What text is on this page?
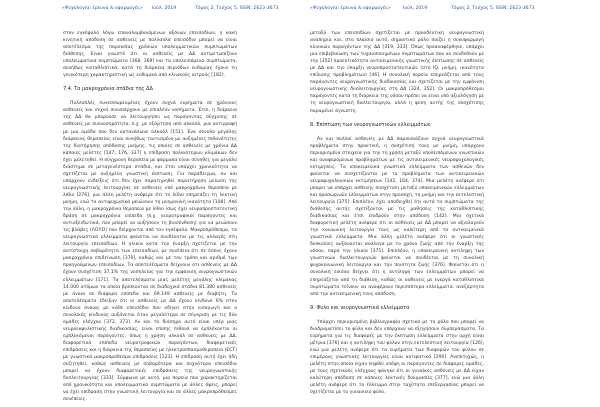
«Ψυχολογία: έρευνα & εφαρμογές» Ιούλ, 2019	Τόμος 2, Τεύχος 5, ISSN: 2623-3673

στον εγκέφαλο λόγω επαναλαμβανόμενων αξόνων επεισοδίων, η κακή κινητική απόδοση σε ασθενείς με πολλαπλά επεισόδια μπορεί να είναι αποτέλεσμα της παρουσίας χρόνιων υπολειμματικών συμπτωμάτων διάθεσης. Είναι γνωστό ότι οι ασθενείς με ΔΔ αντιμετωπίζουν υπολειμματικά συμπτώματα [368, 369] και τα υπολειπόμενα συμπτώματα, συνήθως καταθλιπτικά, κατά τη διάρκεια περιόδων ευθυμίας έχουν τη γενικότερη χαρακτηριστική ως ευθυμικά από κλινικούς ιατρούς [182].

7.4. Τα μακροχρόνια στάδια της ΔΔ

Πολλαπλές συνεσσωρευμένες έχουν συχνά ευρήματα σε χρόνιους ασθενείς και συχνά συνυπάρχουν με επιπλέον νοσήματα. Έτσι, η διάρκεια της ΔΔ θα μπορούσε να λειτουργήσει ως παράγοντας σύγχυσης σε ασθενείς με συννοσηρότητα, π.χ. με εξάρτηση από αλκοόλ, μια αντιγραφή με μια ομάδα που δεν κατανάλωνε αλκοόλ [151]. Ένα σύνολο μεγάλης διάρκειας θεραπείας είναι συνήθως ταυτισμένο με αυξημένες πιθανότητες της διατήρησης απόδοσης μνήμης, τις οποίες σε ασθενείς με χρόνια ΔΔ κάποιες μελέτες [147, 176, 337] η επίδραση παλαιότερων κλιμάκων δεν έχει μελετηθεί. Η σύγχρονη θεραπεία με φάρμακα είναι σύνηθες για μεγάλο διάστημα σε μεταγενέστερα στάδια, και έτσι υπάρχει χρονικότητα να σχετίζεται με αυξημένη γνωστική έκπτωση. Για παράδειγμα, αν και υπάρχουν ενδείξεις ότι δεν έχει παρατηρηθεί παρατήρηση μείωση της νευρογνωστικής λειτουργίας σε ασθενείς υπό μακροχρόνια θεραπεία με λίθιο [276], μια άλλη μελέτη ανέφερε ότι το λίθιο επηρεάζει τη λεκτική μνήμη, ενώ τα αντιψυχωσικά μειώνουν τη μνημονική ικανότητα [108]. Από την άλλη, η μακροχρόνια θεραπεία με λίθιο ίσως έχει νευροπροστατευτική δράση σε μακροχρόνια επίπεδα (π.χ. νευροτροφικοί παράγοντες και αντιοξειδωτικά, που μπορεί να αυξήσουν τη βιοσύνθεση) για να μειώσουν τις βλάβες (ΛΟΥΣΙ) που διέρχονται από τον εγκέφαλο. Μακροπρόθεσμα, τα νευρογνωστικά ελλείμματα φαίνεται να συνδέονται με τις αλλαγές στη λειτουργία επεισοδίων. Η ηλικία κατά την έναρξη σχετίζεται με την αντίστοιχη σοβαρότητα των επεισοδίων, με συνέπεια ότι σε όσους έχουν μακροχρόνια επιδείνωση [370], καθώς και με τον τρόπο και αριθμό των προηγούμενων επεισοδίων. Τα αποτελέσματα δείχνουν ότι ασθενείς με ΔΔ έχουν συσχέτιση 37,1% της νοσηλείας για την εμφάνιση νευρογνωστικών ελλειμμάτων [171]. Τα αποτελέσματα μιας μελέτης μεγάλης κλίμακας 14.000 ατόμων τα οποία βρίσκονταν σε διαδοχικά στάδια 81.380 ασθενείς με άνοια σε διάφορα επίπεδα και 69.149 ασθενείς με διαβήτη. Τα αποτελέσματα έδειξαν ότι οι ασθενείς με ΔΔ έχουν κίνδυνο 6% στον κίνδυνο άνοιας με κάθε επεισόδιο που οδηγεί στην εισαγωγή και ο συνολικός κίνδυνος αυξάνεται όταν μεγαλύτερα σε σύγκριση με τις δύο ομάδες ελέγχου [372, 373]. Αν και το διάσημο αυτό είναι υπέρ μιας νευροεκφυλιστικής διαδικασίας, είναι επίσης πιθανό να εμπλέκονται οι εμπλεκόμενοι παράγοντες, όπως η χρήση αλκοόλ σε ασθενείς με ΔΔ, διαφορετικά επίπεδα νευροτροφικών παραγόντων, διαφορετικές επιδράσεις και η διάρκεια της θεραπείας με ηλεκτροσπασμοθεραπεία (ECT) με γνωστικά μακροπρόθεσμα επιδράσεις [123]. Η επίδραση αυτή έχει ήδη συζητηθεί, καθώς ασθενείς με σοβαρότερα και συχνότερα επεισόδια μπορεί να έχουν διαφορετικές επιδράσεις της νευρογνωστικής δυσλειτουργίας [333]. Σύμφωνα με αυτό, μια πορεία που χαρακτηρίζεται από χρονικότητα και υπολειμματικά συμπτώματα με άλλες όψεις, μπορεί να έχει επίδραση στην γνωστική λειτουργία και σε άλλες μακροπρόθεσμες συνέπειες.

«Ψυχολογία: έρευνα & εφαρμογές»	Ιούλ, 2019	Τόμος 2, Τεύχος 5, ISSN: 2623-3673

μεταξύ των επεισοδίων σχετίζεται με προοδευτική νευρογνωστική αναπηρία και, στο πλαίσιο αυτό, σημαντικό ρόλο παίζει η συνυφαρμογή κλινικών παραγόντων της ΔΔ [319, 333]. Όπως προαναφέρθηκε, υπάρχει μια επιβεβαίωση των τυχαιοποιημένων συμπτωμάτων που αν συνδεθούν με την [352] προεκτικότητα αντικειμενικής γνωστικής έκπτωσης σε ασθενείς με ΔΔ και την ύπαρξη νευροπροστατευτικών (στο IQ, μνήμη, ικανότητα επίλυσης προβλημάτων) [46]. Η συνολική πορεία επηρεάζεται από τους παράγοντες νευρογνωστικής διαδικασίας και σχετίζεται με την εμφάνιση νευρογνωστικής δυσλειτουργίας στη ΔΔ [324, 352]. Οι μακροπρόθεσμοι παράγοντες κατά τη διάρκεια της νόσου πρέπει να είναι υπό αξιολόγηση με τη νευρογνωστική δυσλειτουργία, αλλά η φύση αυτής της συσχέτισης παραμένει άγνωστη.

8. Επίπτωση των νευρογνωστικών ελλειμμάτων

Αν και πολλοί ασθενείς με ΔΔ παρουσιάζουν συχνά νευρογνωστικά προβλήματα στην πρακτική, η συσχέτισή τους με μνήμη, υπάρχουν περιορισμένα στοιχεία για την τη χρήση μεταξύ υπολειπόμενων γνωστικών και αναφερόμενων προβλημάτων με τις αντικειμενικές νευροψυχολογικές εκτιμήσεις. Τα υποκειμενικά γνωστικά ελλείμματα των ασθενών δεν φαίνεται να συσχετίζονται με τα προβλήματα των αντικειμενικών νευροψυχολογικών εκτιμήσεων [142, 164, 374]. Μια μελέτη ανέφερε ότι μπορεί να υπάρχει ασθενής συσχέτιση μεταξύ υποκειμενικών ελλειμμάτων και προσωρινών ελλειμμάτων στην προσοχή, τη μνήμη και την εκτελεστική λειτουργία [375]. Επιπλέον, έχει αποδειχθεί ότι αυτά τα συμπτώματα της διάθεσης αυτής σχετίζονται με τις μαθήσεις της καταθλιπτικής διαδικασίας και έτσι επιδρούν στην απόδοση [142]. Μια σχετικά διαφορετική μελέτη ανέφερε ότι οι ασθενείς με ΔΔ μπορεί να αξιολογούν την κοινωνική λειτουργία τους ως καλύτερη από τα αντικειμενικά γνωστικά ελλείμματα. Μια άλλη μελέτη ανέφερε ότι οι γνωστικές δυσκολίες αυξάνονται ανάλογα με το χρόνο ζωής από την έναρξη της νόσου, παρά την ηλικία [375]. Επιπλέον, η υποκειμενική αντίληψη των γνωστικών δυσλειτουργιών φαίνεται να συνδέεται με τη συνολική ψυχοκοινωνική λειτουργία και την ποιότητα ζωής [376]. Φαίνεται ότι η συνολική εικόνα δείχνει ότι η αντίληψη των ελλειμμάτων μπορεί να επηρεάζεται από τη διάθεση, καθώς οι ασθενείς με ενεργά καταθλιπτικά συμπτώματα τείνουν να αναφέρουν περισσότερα ελλείμματα, ανεξάρτητα από την αντικειμενική τους απόδοση.

9. Φύλο και νευρογνωστικά ελλείμματα

Υπάρχει περιορισμένη βιβλιογραφία σχετικά με το ρόλο που μπορεί να διαδραματίσει το φύλο και δεν υπάρχουν να εξηγήσουν συμπεράσματα. Τα ευρήματα για τις διαφορές με την έκπτωση ελλείμματα στην αρχή είναι μέτρια [376] και η αντίληψη του φύλου στην εκτελεστική λειτουργία [126], ενώ μια μελέτη ανέφερε ότι τα ευρήματα των διαφορών του φύλου σε επιμέρους γνωστικές λειτουργίες είναι αντιφατικά [290]. Ανεπιτυχώς, η μελέτη στην οποία είχαν ληφθεί υπόψη οι παράγοντες σε διάφορες ομάδες, με τους σχετικούς ελέγχους φάνηκε ότι οι γυναίκες ασθενείς με ΔΔ είχαν καλύτερη απόδοση σε κάποιες λεκτικές δοκιμασίες [377], ενώ μια άλλη μελέτη ανέφερε ότι το έλλειμμα στην ταχύτητα επεξεργασίας μπορεί να σχετίζεται με το γυναικείο φύλο.
